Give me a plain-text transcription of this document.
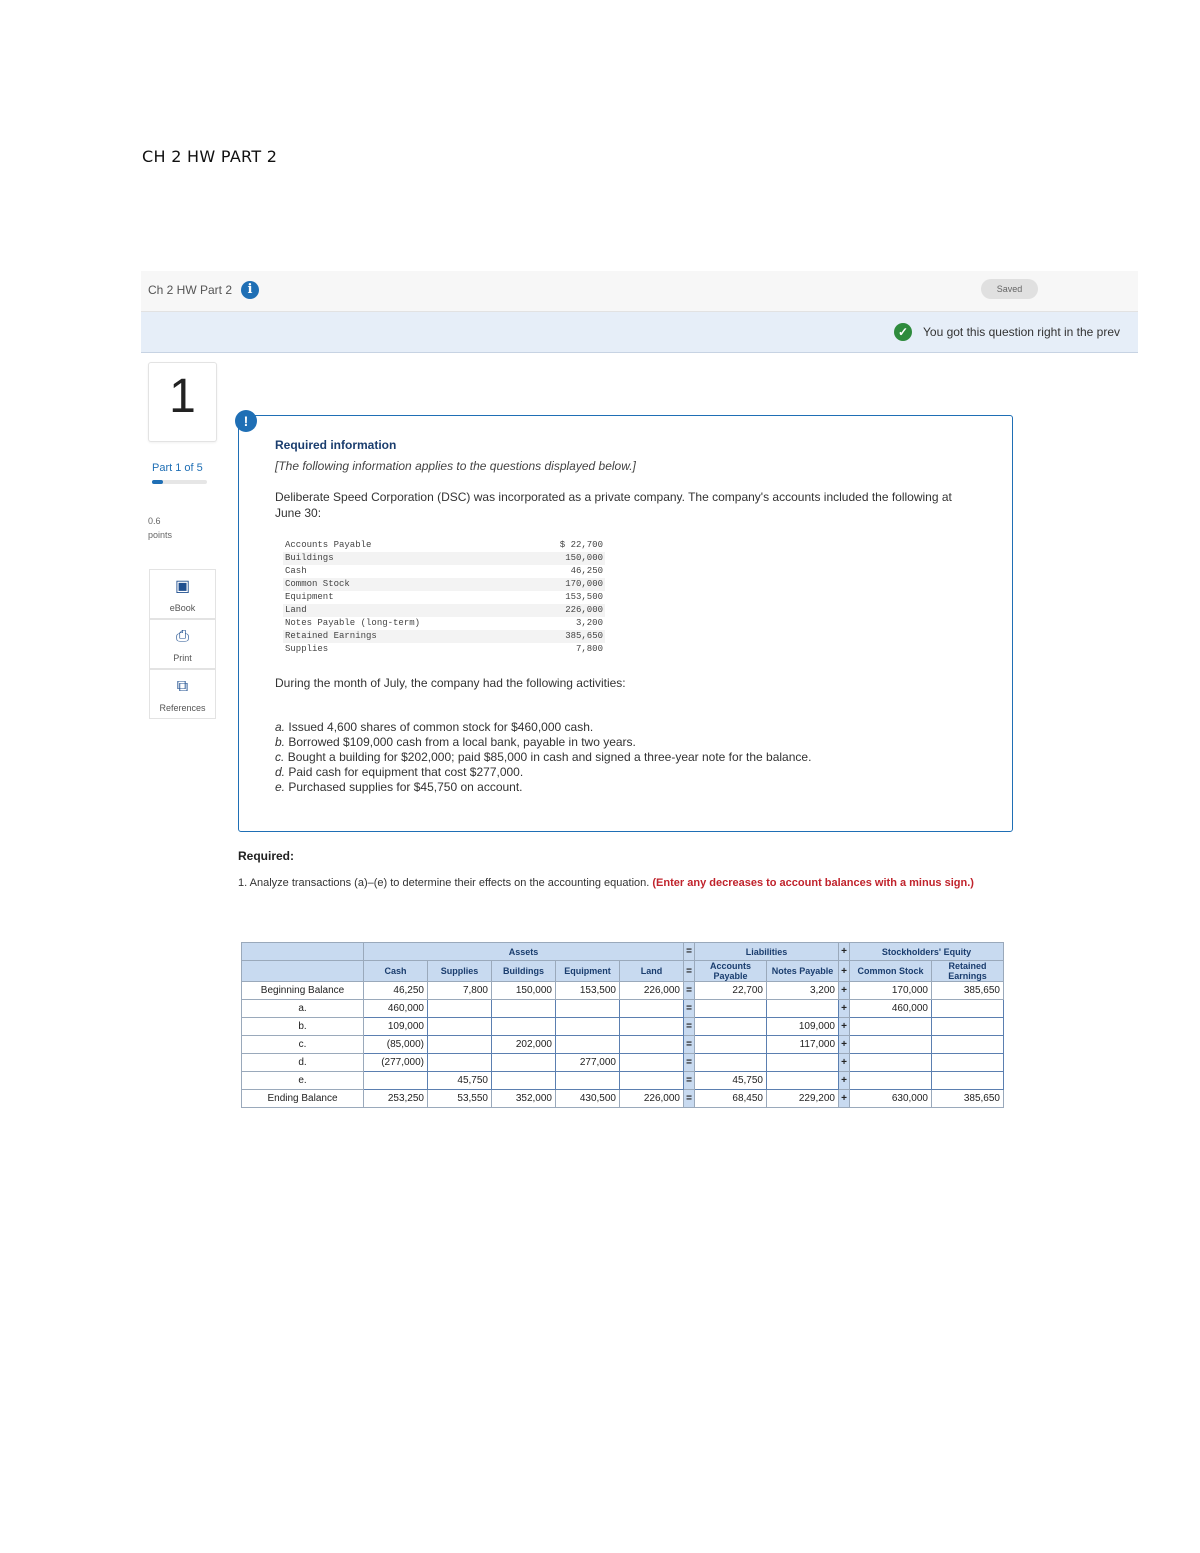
CH 2 HW PART 2
Ch 2 HW Part 2	i	Saved
✓	You got this question right in the prev
1
Part 1 of 5
0.6
points
▣
eBook
⎙
Print
⧉
References
!
Required information
[The following information applies to the questions displayed below.]
Deliberate Speed Corporation (DSC) was incorporated as a private company. The company's accounts included the following at June 30:
Accounts Payable	$ 22,700
Buildings	150,000
Cash	46,250
Common Stock	170,000
Equipment	153,500
Land	226,000
Notes Payable (long-term)	3,200
Retained Earnings	385,650
Supplies	7,800
During the month of July, the company had the following activities:
a. Issued 4,600 shares of common stock for $460,000 cash.
b. Borrowed $109,000 cash from a local bank, payable in two years.
c. Bought a building for $202,000; paid $85,000 in cash and signed a three-year note for the balance.
d. Paid cash for equipment that cost $277,000.
e. Purchased supplies for $45,750 on account.
Required:
1. Analyze transactions (a)–(e) to determine their effects on the accounting equation. (Enter any decreases to account balances with a minus sign.)
	Assets					=	Liabilities		+	Stockholders' Equity	
	Cash	Supplies	Buildings	Equipment	Land	=	Accounts Payable	Notes Payable	+	Common Stock	Retained Earnings
Beginning Balance	46,250	7,800	150,000	153,500	226,000	=	22,700	3,200	+	170,000	385,650
a.	460,000					=			+	460,000	
b.	109,000					=		109,000	+		
c.	(85,000)		202,000			=		117,000	+		
d.	(277,000)			277,000		=			+		
e.		45,750				=	45,750		+		
Ending Balance	253,250	53,550	352,000	430,500	226,000	=	68,450	229,200	+	630,000	385,650
